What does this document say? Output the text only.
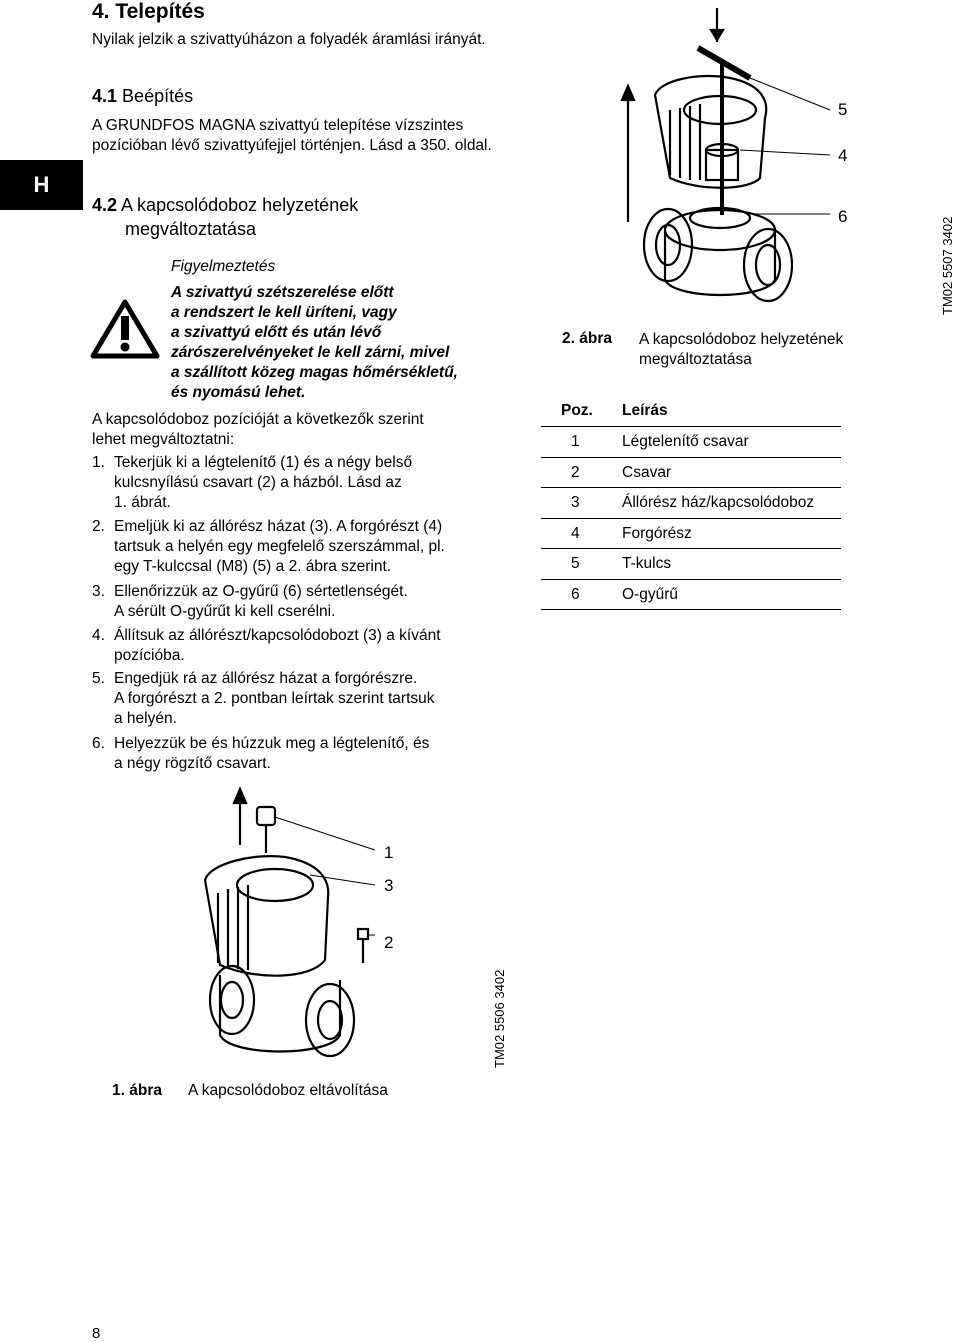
H
4. Telepítés
Nyilak jelzik a szivattyúházon a folyadék áramlási irányát.
4.1 Beépítés
A GRUNDFOS MAGNA szivattyú telepítése vízszintes pozícióban lévő szivattyúfejjel történjen. Lásd a 350. oldal.
4.2 A kapcsolódoboz helyzetének
megváltoztatása
Figyelmeztetés
A szivattyú szétszerelése előtt
a rendszert le kell üríteni, vagy
a szivattyú előtt és után lévő
zárószerelvényeket le kell zárni, mivel
a szállított közeg magas hőmérsékletű,
és nyomású lehet.
A kapcsolódoboz pozícióját a következők szerint
lehet megváltoztatni:
1. Tekerjük ki a légtelenítő (1) és a négy belső
kulcsnyílású csavart (2) a házból. Lásd az
1. ábrát.
2. Emeljük ki az állórész házat (3). A forgórészt (4)
tartsuk a helyén egy megfelelő szerszámmal, pl.
egy T-kulccsal (M8) (5) a 2. ábra szerint.
3. Ellenőrizzük az O-gyűrű (6) sértetlenségét.
A sérült O-gyűrűt ki kell cserélni.
4. Állítsuk az állórészt/kapcsolódobozt (3) a kívánt
pozícióba.
5. Engedjük rá az állórész házat a forgórészre.
A forgórészt a 2. pontban leírtak szerint tartsuk
a helyén.
6. Helyezzük be és húzzuk meg a légtelenítő, és
a négy rögzítő csavart.
5
4
6
TM02 5507 3402
2. ábra A kapcsolódoboz helyzetének
megváltoztatása
Poz. Leírás
1	Légtelenítő csavar
2	Csavar
3	Állórész ház/kapcsolódoboz
4	Forgórész
5	T-kulcs
6	O-gyűrű
1
3
2
TM02 5506 3402
1. ábra A kapcsolódoboz eltávolítása
8
